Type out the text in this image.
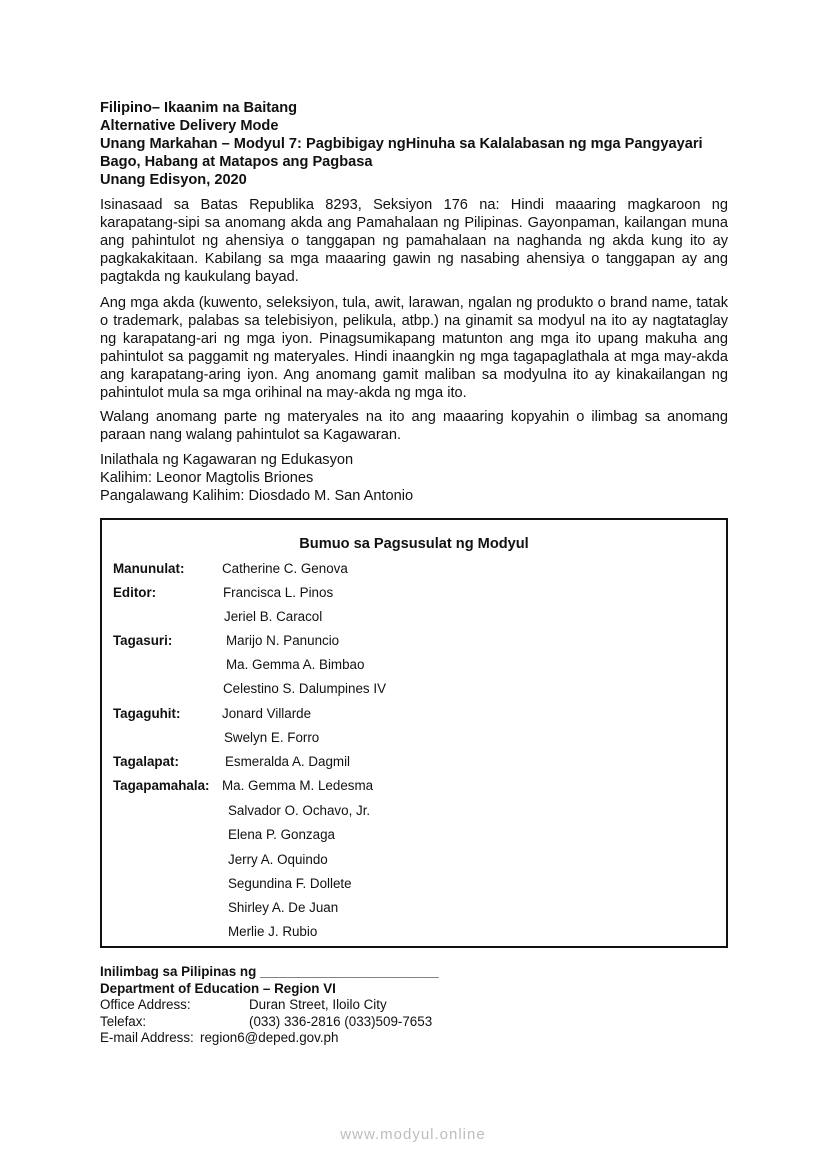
Filipino– Ikaanim na Baitang
Alternative Delivery Mode
Unang Markahan – Modyul 7: Pagbibigay ngHinuha sa Kalalabasan ng mga Pangyayari
Bago, Habang at Matapos ang Pagbasa
Unang Edisyon, 2020

Isinasaad sa Batas Republika 8293, Seksiyon 176 na: Hindi maaaring magkaroon ng karapatang-sipi sa anomang akda ang Pamahalaan ng Pilipinas. Gayonpaman, kailangan muna ang pahintulot ng ahensiya o tanggapan ng pamahalaan na naghanda ng akda kung ito ay pagkakakitaan. Kabilang sa mga maaaring gawin ng nasabing ahensiya o tanggapan ay ang pagtakda ng kaukulang bayad.

Ang mga akda (kuwento, seleksiyon, tula, awit, larawan, ngalan ng produkto o brand name, tatak o trademark, palabas sa telebisiyon, pelikula, atbp.) na ginamit sa modyul na ito ay nagtataglay ng karapatang-ari ng mga iyon. Pinagsumikapang matunton ang mga ito upang makuha ang pahintulot sa paggamit ng materyales. Hindi inaangkin ng mga tagapaglathala at mga may-akda ang karapatang-aring iyon. Ang anomang gamit maliban sa modyulna ito ay kinakailangan ng pahintulot mula sa mga orihinal na may-akda ng mga ito.

Walang anomang parte ng materyales na ito ang maaaring kopyahin o ilimbag sa anomang paraan nang walang pahintulot sa Kagawaran.

Inilathala ng Kagawaran ng Edukasyon
Kalihim: Leonor Magtolis Briones
Pangalawang Kalihim: Diosdado M. San Antonio
Bumuo sa Pagsusulat ng Modyul
Manunulat:	Catherine C. Genova
Editor:	Francisca L. Pinos
Jeriel B. Caracol
Tagasuri:	Marijo N. Panuncio
Ma. Gemma A. Bimbao
Celestino S. Dalumpines IV
Tagaguhit:	Jonard Villarde
Swelyn E. Forro
Tagalapat:	Esmeralda A. Dagmil
Tagapamahala: Ma. Gemma M. Ledesma
Salvador O. Ochavo, Jr.
Elena P. Gonzaga
Jerry A. Oquindo
Segundina F. Dollete
Shirley A. De Juan
Merlie J. Rubio
Inilimbag sa Pilipinas ng ________________________
Department of Education – Region VI
Office Address:	Duran Street, Iloilo City
Telefax:	(033) 336-2816 (033)509-7653
E-mail Address: region6@deped.gov.ph
www.modyul.online
